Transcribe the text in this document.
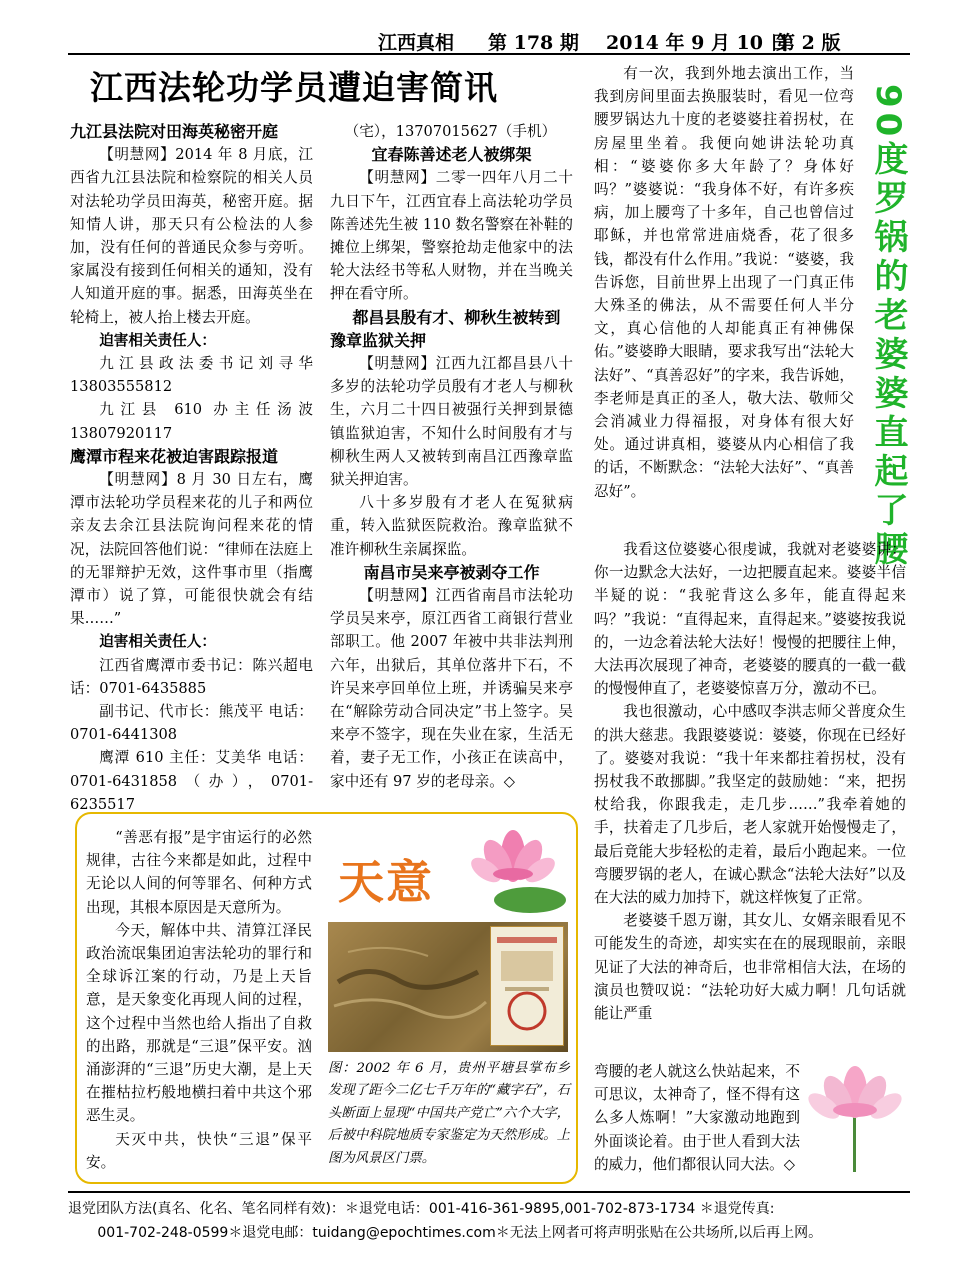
江西真相	第 178 期	2014 年 9 月 10 日
第 2 版
江西法轮功学员遭迫害简讯
九江县法院对田海英秘密开庭

【明慧网】2014 年 8 月底，江西省九江县法院和检察院的相关人员对法轮功学员田海英，秘密开庭。据知情人讲，那天只有公检法的人参加，没有任何的普通民众参与旁听。家属没有接到任何相关的通知，没有人知道开庭的事。据悉，田海英坐在轮椅上，被人抬上楼去开庭。

迫害相关责任人：

九江县政法委书记刘寻华 13803555812

九江县 610 办主任汤波 13807920117

鹰潭市程来花被迫害跟踪报道

【明慧网】8 月 30 日左右，鹰潭市法轮功学员程来花的儿子和两位亲友去余江县法院询问程来花的情况，法院回答他们说：“律师在法庭上的无罪辩护无效，这件事市里（指鹰潭市）说了算，可能很快就会有结果……”

迫害相关责任人：

江西省鹰潭市委书记：陈兴超电话：0701-6435885

副书记、代市长：熊茂平 电话：0701-6441308

鹰潭 610 主任：艾美华 电话：0701-6431858（办），0701-6235517

（宅），13707015627（手机）

宜春陈善述老人被绑架

【明慧网】二零一四年八月二十九日下午，江西宜春上高法轮功学员陈善述先生被 110 数名警察在补鞋的摊位上绑架，警察抢劫走他家中的法轮大法经书等私人财物，并在当晚关押在看守所。

都昌县殷有才、柳秋生被转到豫章监狱关押

【明慧网】江西九江都昌县八十多岁的法轮功学员殷有才老人与柳秋生，六月二十四日被强行关押到景德镇监狱迫害，不知什么时间殷有才与柳秋生两人又被转到南昌江西豫章监狱关押迫害。

八十多岁殷有才老人在冤狱病重，转入监狱医院救治。豫章监狱不准许柳秋生亲属探监。

南昌市吴来亭被剥夺工作

【明慧网】江西省南昌市法轮功学员吴来亭，原江西省工商银行营业部职工。他 2007 年被中共非法判刑六年，出狱后，其单位落井下石，不许吴来亭回单位上班，并诱骗吴来亭在“解除劳动合同决定”书上签字。吴来亭不签字，现在失业在家，生活无着，妻子无工作，小孩正在读高中，家中还有 97 岁的老母亲。◇

有一次，我到外地去演出工作，当我到房间里面去换服装时，看见一位弯腰罗锅达九十度的老婆婆拄着拐杖，在房屋里坐着。我便向她讲法轮功真相：“婆婆你多大年龄了？身体好吗？”婆婆说：“我身体不好，有许多疾病，加上腰弯了十多年，自己也曾信过耶稣，并也常常进庙烧香，花了很多钱，都没有什么作用。”我说：“婆婆，我告诉您，目前世界上出现了一门真正伟大殊圣的佛法，从不需要任何人半分文，真心信他的人却能真正有神佛保佑。”婆婆睁大眼睛，要求我写出“法轮大法好”、“真善忍好”的字来，我告诉她，李老师是真正的圣人，敬大法、敬师父会消减业力得福报，对身体有很大好处。通过讲真相，婆婆从内心相信了我的话，不断默念：“法轮大法好”、“真善忍好”。	90度罗锅的老婆婆直起了腰

我看这位婆婆心很虔诚，我就对老婆婆讲：你一边默念大法好，一边把腰直起来。婆婆半信半疑的说：“我驼背这么多年，能直得起来吗？”我说：“直得起来，直得起来。”婆婆按我说的，一边念着法轮大法好！慢慢的把腰往上伸，大法再次展现了神奇，老婆婆的腰真的一截一截的慢慢伸直了，老婆婆惊喜万分，激动不已。

我也很激动，心中感叹李洪志师父普度众生的洪大慈悲。我跟婆婆说：婆婆，你现在已经好了。婆婆对我说：“我十年来都拄着拐杖，没有拐杖我不敢挪脚。”我坚定的鼓励她：“来，把拐杖给我，你跟我走，走几步……”我牵着她的手，扶着走了几步后，老人家就开始慢慢走了，最后竟能大步轻松的走着，最后小跑起来。一位弯腰罗锅的老人，在诚心默念“法轮大法好”以及在大法的威力加持下，就这样恢复了正常。

老婆婆千恩万谢，其女儿、女婿亲眼看见不可能发生的奇迹，却实实在在的展现眼前，亲眼见证了大法的神奇后，也非常相信大法，在场的演员也赞叹说：“法轮功好大威力啊！几句话就能让严重

弯腰的老人就这么快站起来，不可思议，太神奇了，怪不得有这么多人炼啊！”大家激动地跑到外面谈论着。由于世人看到大法的威力，他们都很认同大法。◇

“善恶有报”是宇宙运行的必然规律，古往今来都是如此，过程中无论以人间的何等罪名、何种方式出现，其根本原因是天意所为。

今天，解体中共、清算江泽民政治流氓集团迫害法轮功的罪行和全球诉江案的行动，乃是上天旨意，是天象变化再现人间的过程，这个过程中当然也给人指出了自救的出路，那就是“三退”保平安。汹涌澎湃的“三退”历史大潮，是上天在摧枯拉朽般地横扫着中共这个邪恶生灵。

天灭中共，快快“三退”保平安。

天意
图：2002 年 6 月，贵州平塘县掌布乡发现了距今二亿七千万年的“藏字石”，石头断面上显现“中国共产党亡”六个大字，后被中科院地质专家鉴定为天然形成。上图为风景区门票。
退党团队方法(真名、化名、笔名同样有效)：＊退党电话：001-416-361-9895,001-702-873-1734 ＊退党传真:
001-702-248-0599＊退党电邮：tuidang@epochtimes.com＊无法上网者可将声明张贴在公共场所,以后再上网。
